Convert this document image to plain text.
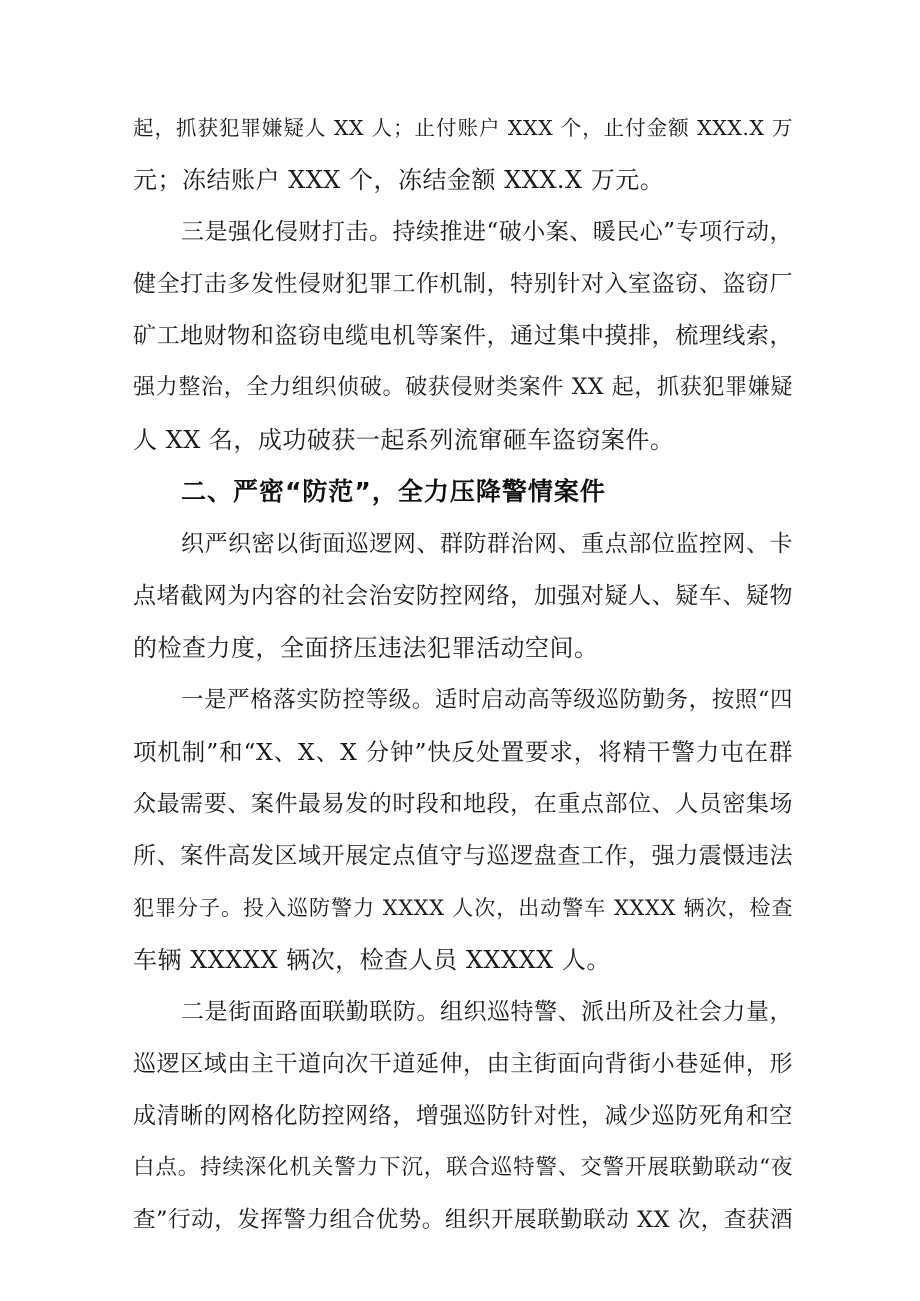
起，抓获犯罪嫌疑人 XX 人；止付账户 XXX 个，止付金额 XXX.X 万
元；冻结账户 XXX 个，冻结金额 XXX.X 万元。
三是强化侵财打击。持续推进“破小案、暖民心”专项行动，
健全打击多发性侵财犯罪工作机制，特别针对入室盗窃、盗窃厂
矿工地财物和盗窃电缆电机等案件，通过集中摸排，梳理线索，
强力整治，全力组织侦破。破获侵财类案件 XX 起，抓获犯罪嫌疑
人 XX 名，成功破获一起系列流窜砸车盗窃案件。
二、严密“防范”，全力压降警情案件
织严织密以街面巡逻网、群防群治网、重点部位监控网、卡
点堵截网为内容的社会治安防控网络，加强对疑人、疑车、疑物
的检查力度，全面挤压违法犯罪活动空间。
一是严格落实防控等级。适时启动高等级巡防勤务，按照“四
项机制”和“X、X、X 分钟”快反处置要求，将精干警力屯在群
众最需要、案件最易发的时段和地段，在重点部位、人员密集场
所、案件高发区域开展定点值守与巡逻盘查工作，强力震慑违法
犯罪分子。投入巡防警力 XXXX 人次，出动警车 XXXX 辆次，检查
车辆 XXXXX 辆次，检查人员 XXXXX 人。
二是街面路面联勤联防。组织巡特警、派出所及社会力量，
巡逻区域由主干道向次干道延伸，由主街面向背街小巷延伸，形
成清晰的网格化防控网络，增强巡防针对性，减少巡防死角和空
白点。持续深化机关警力下沉，联合巡特警、交警开展联勤联动“夜
查”行动，发挥警力组合优势。组织开展联勤联动 XX 次，查获酒
